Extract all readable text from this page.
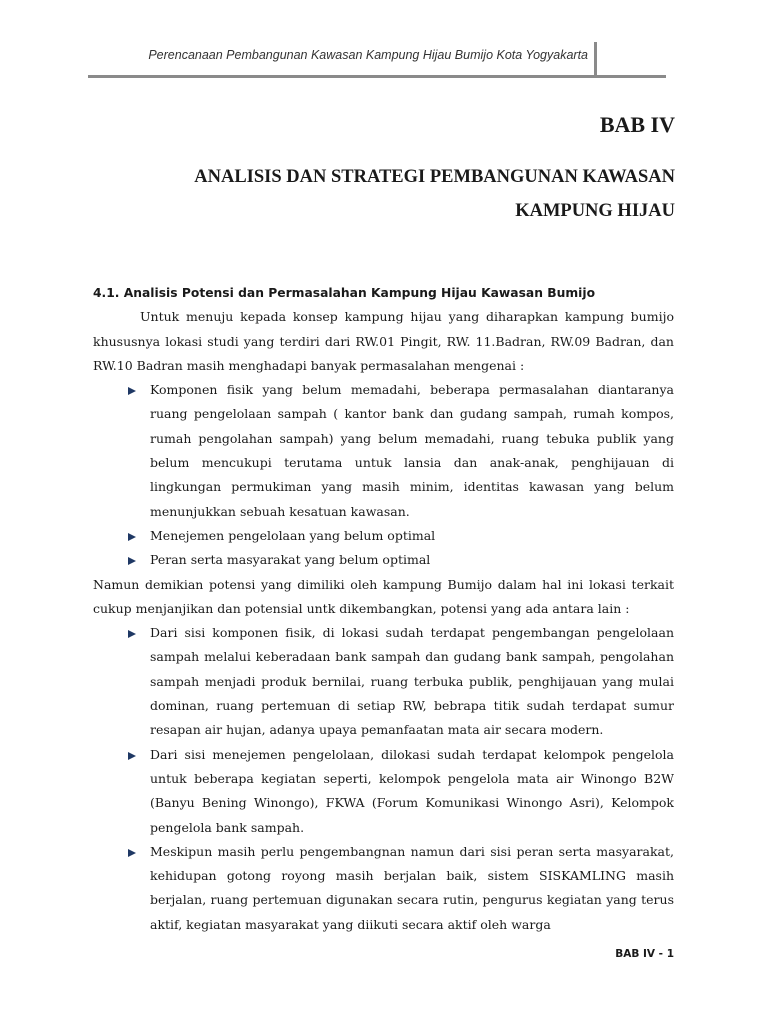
Perencanaan Pembangunan Kawasan Kampung Hijau Bumijo Kota Yogyakarta
BAB IV
ANALISIS DAN STRATEGI PEMBANGUNAN KAWASAN
KAMPUNG HIJAU

4.1. Analisis Potensi dan Permasalahan Kampung Hijau Kawasan Bumijo

Untuk menuju kepada konsep kampung hijau yang diharapkan kampung bumijo khususnya lokasi studi yang terdiri dari RW.01 Pingit, RW. 11.Badran, RW.09 Badran, dan RW.10 Badran masih menghadapi banyak permasalahan mengenai :

Komponen fisik yang belum memadahi, beberapa permasalahan diantaranya ruang pengelolaan sampah ( kantor bank dan gudang sampah, rumah kompos, rumah pengolahan sampah) yang belum memadahi, ruang tebuka publik yang belum mencukupi terutama untuk lansia dan anak-anak, penghijauan di lingkungan permukiman yang masih minim, identitas kawasan yang belum menunjukkan sebuah kesatuan kawasan.
Menejemen pengelolaan yang belum optimal
Peran serta masyarakat yang belum optimal

Namun demikian potensi yang dimiliki oleh kampung Bumijo dalam hal ini lokasi terkait cukup menjanjikan dan potensial untk dikembangkan, potensi yang ada antara lain :

Dari sisi komponen fisik, di lokasi sudah terdapat pengembangan pengelolaan sampah melalui keberadaan bank sampah dan gudang bank sampah, pengolahan sampah menjadi produk bernilai, ruang terbuka publik, penghijauan yang mulai dominan, ruang pertemuan di setiap RW, bebrapa titik sudah terdapat sumur resapan air hujan, adanya upaya pemanfaatan mata air secara modern.
Dari sisi menejemen pengelolaan, dilokasi sudah terdapat kelompok pengelola untuk beberapa kegiatan seperti, kelompok pengelola mata air Winongo B2W (Banyu Bening Winongo), FKWA (Forum Komunikasi Winongo Asri), Kelompok pengelola bank sampah.
Meskipun masih perlu pengembangnan namun dari sisi peran serta masyarakat, kehidupan gotong royong masih berjalan baik, sistem SISKAMLING masih berjalan, ruang pertemuan digunakan secara rutin, pengurus kegiatan yang terus aktif, kegiatan masyarakat yang diikuti secara aktif oleh warga
BAB IV - 1
